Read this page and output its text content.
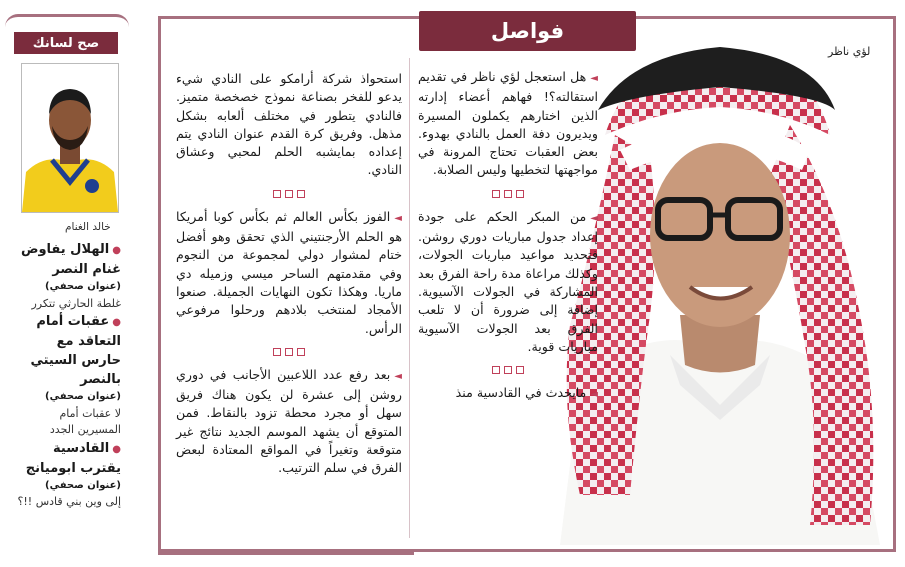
فواصل
لؤي ناظر

◄هل استعجل لؤي ناظر في تقديم استقالته؟! فهاهم أعضاء إدارته الذين اختارهم يكملون المسيرة ويديرون دفة العمل بالنادي بهدوء. بعض العقبات تحتاج المرونة في مواجهتها لتخطيها وليس الصلابة.

◄من المبكر الحكم على جودة إعداد جدول مباريات دوري روشن. فتحديد مواعيد مباريات الجولات، وكذلك مراعاة مدة راحة الفرق بعد المشاركة في الجولات الآسيوية. إضافة إلى ضرورة أن لا تلعب الفرق بعد الجولات الآسيوية مباريات قوية.

◄مايحدث في القادسية منذ

استحواذ شركة أرامكو على النادي شيء يدعو للفخر بصناعة نموذج خصخصة متميز. فالنادي يتطور في مختلف ألعابه بشكل مذهل. وفريق كرة القدم عنوان النادي يتم إعداده بمايشبه الحلم لمحبي وعشاق النادي.

◄الفوز بكأس العالم ثم بكأس كوبا أمريكا هو الحلم الأرجنتيني الذي تحقق وهو أفضل ختام لمشوار دولي لمجموعة من النجوم وفي مقدمتهم الساحر ميسي وزميله دي ماريا. وهكذا تكون النهايات الجميلة. صنعوا الأمجاد لمنتخب بلادهم ورحلوا مرفوعي الرأس.

◄بعد رفع عدد اللاعبين الأجانب في دوري روشن إلى عشرة لن يكون هناك فريق سهل أو مجرد محطة تزود بالنقاط. فمن المتوقع أن يشهد الموسم الجديد نتائج غير متوقعة وتغيراً في المواقع المعتادة لبعض الفرق في سلم الترتيب.

صح لسانك
خالد الغنام
●الهلال يفاوض غنام النصر
(عنوان صحفي)
غلطة الحارثي تتكرر
●عقبات أمام التعاقد مع حارس السيتي بالنصر
(عنوان صحفي)
لا عقبات أمام المسيرين الجدد
●القادسية يقترب ابوميانج
(عنوان صحفي)
إلى وين بني قادس !!؟
